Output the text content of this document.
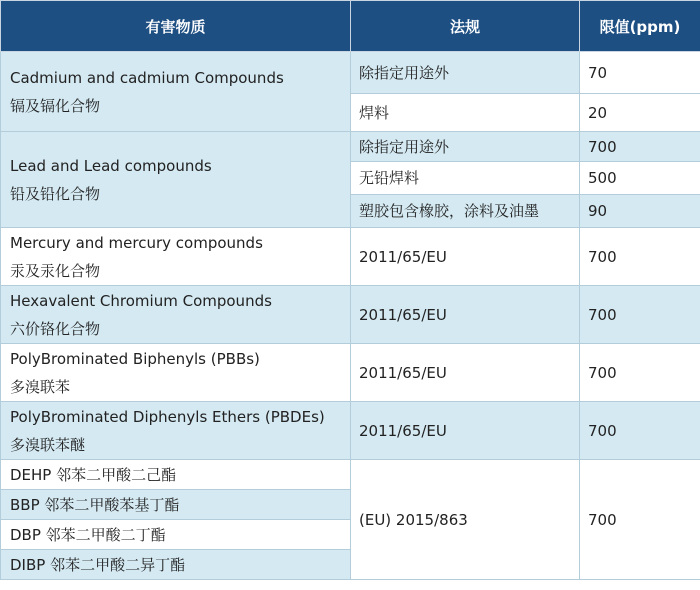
有害物质	法规	限值(ppm)

Cadmium and cadmium Compounds
镉及镉化合物	除指定用途外	70
	焊料	20

Lead and Lead compounds
铅及铅化合物	除指定用途外	700
	无铅焊料	500
	塑胶包含橡胶，涂料及油墨	90

Mercury and mercury compounds
汞及汞化合物	2011/65/EU	700

Hexavalent Chromium Compounds
六价铬化合物	2011/65/EU	700

PolyBrominated Biphenyls (PBBs)
多溴联苯	2011/65/EU	700

PolyBrominated Diphenyls Ethers (PBDEs)
多溴联苯醚	2011/65/EU	700
DEHP 邻苯二甲酸二己酯	(EU) 2015/863	700
BBP 邻苯二甲酸苯基丁酯		
DBP 邻苯二甲酸二丁酯		
DIBP 邻苯二甲酸二异丁酯		
